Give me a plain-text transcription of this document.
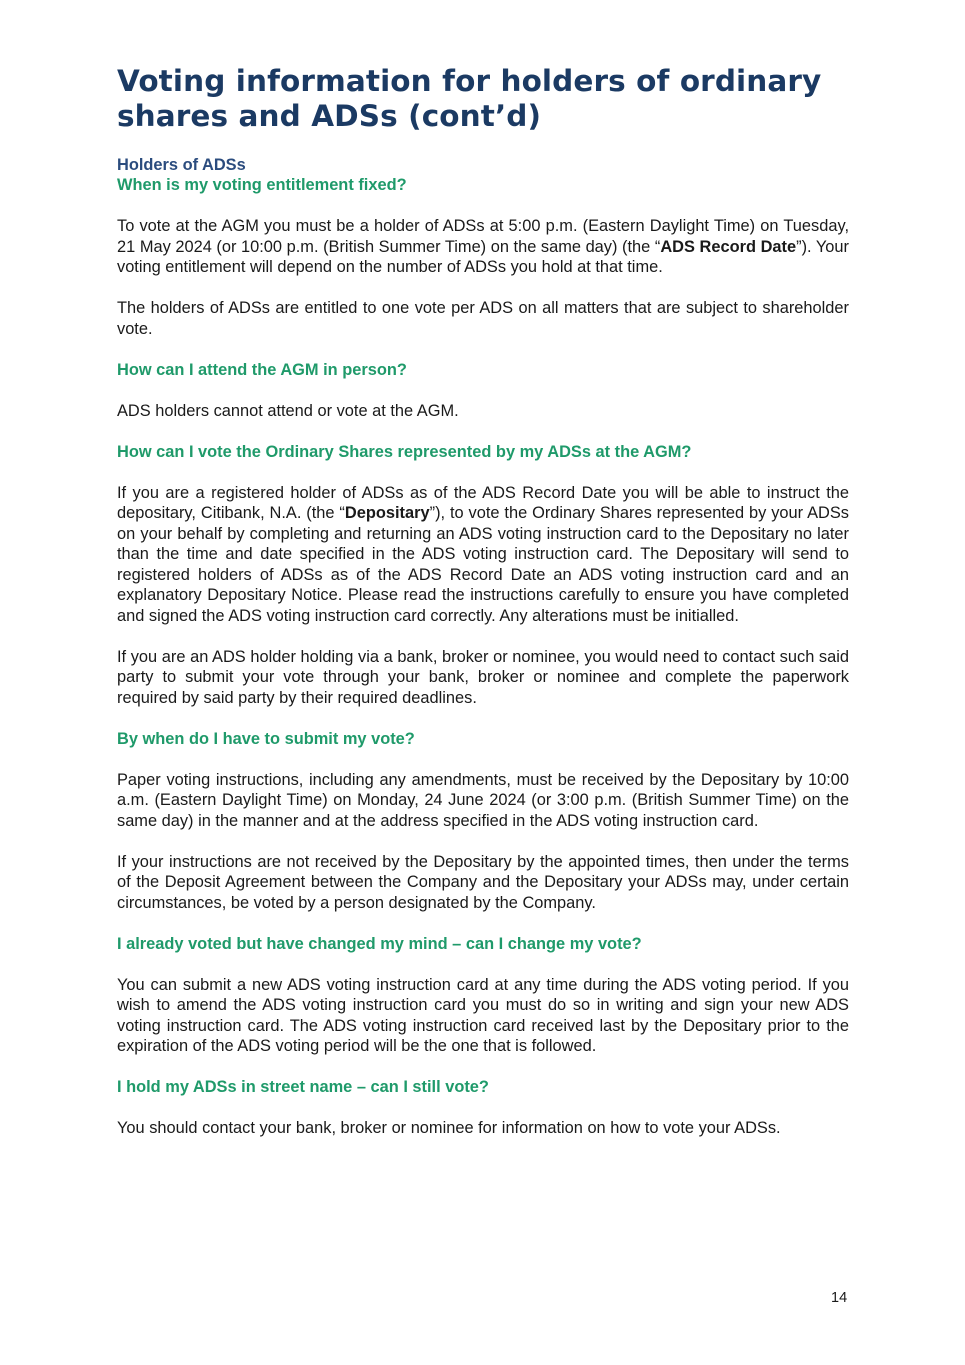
Voting information for holders of ordinary shares and ADSs (cont’d)
Holders of ADSs

When is my voting entitlement fixed?

To vote at the AGM you must be a holder of ADSs at 5:00 p.m. (Eastern Daylight Time) on Tuesday, 21 May 2024 (or 10:00 p.m. (British Summer Time) on the same day) (the “ADS Record Date”). Your voting entitlement will depend on the number of ADSs you hold at that time.

The holders of ADSs are entitled to one vote per ADS on all matters that are subject to shareholder vote.

How can I attend the AGM in person?

ADS holders cannot attend or vote at the AGM.

How can I vote the Ordinary Shares represented by my ADSs at the AGM?

If you are a registered holder of ADSs as of the ADS Record Date you will be able to instruct the depositary, Citibank, N.A. (the “Depositary”), to vote the Ordinary Shares represented by your ADSs on your behalf by completing and returning an ADS voting instruction card to the Depositary no later than the time and date specified in the ADS voting instruction card. The Depositary will send to registered holders of ADSs as of the ADS Record Date an ADS voting instruction card and an explanatory Depositary Notice. Please read the instructions carefully to ensure you have completed and signed the ADS voting instruction card correctly. Any alterations must be initialled.

If you are an ADS holder holding via a bank, broker or nominee, you would need to contact such said party to submit your vote through your bank, broker or nominee and complete the paperwork required by said party by their required deadlines.

By when do I have to submit my vote?

Paper voting instructions, including any amendments, must be received by the Depositary by 10:00 a.m. (Eastern Daylight Time) on Monday, 24 June 2024 (or 3:00 p.m. (British Summer Time) on the same day) in the manner and at the address specified in the ADS voting instruction card.

If your instructions are not received by the Depositary by the appointed times, then under the terms of the Deposit Agreement between the Company and the Depositary your ADSs may, under certain circumstances, be voted by a person designated by the Company.

I already voted but have changed my mind – can I change my vote?

You can submit a new ADS voting instruction card at any time during the ADS voting period. If you wish to amend the ADS voting instruction card you must do so in writing and sign your new ADS voting instruction card. The ADS voting instruction card received last by the Depositary prior to the expiration of the ADS voting period will be the one that is followed.

I hold my ADSs in street name – can I still vote?

You should contact your bank, broker or nominee for information on how to vote your ADSs.

14
